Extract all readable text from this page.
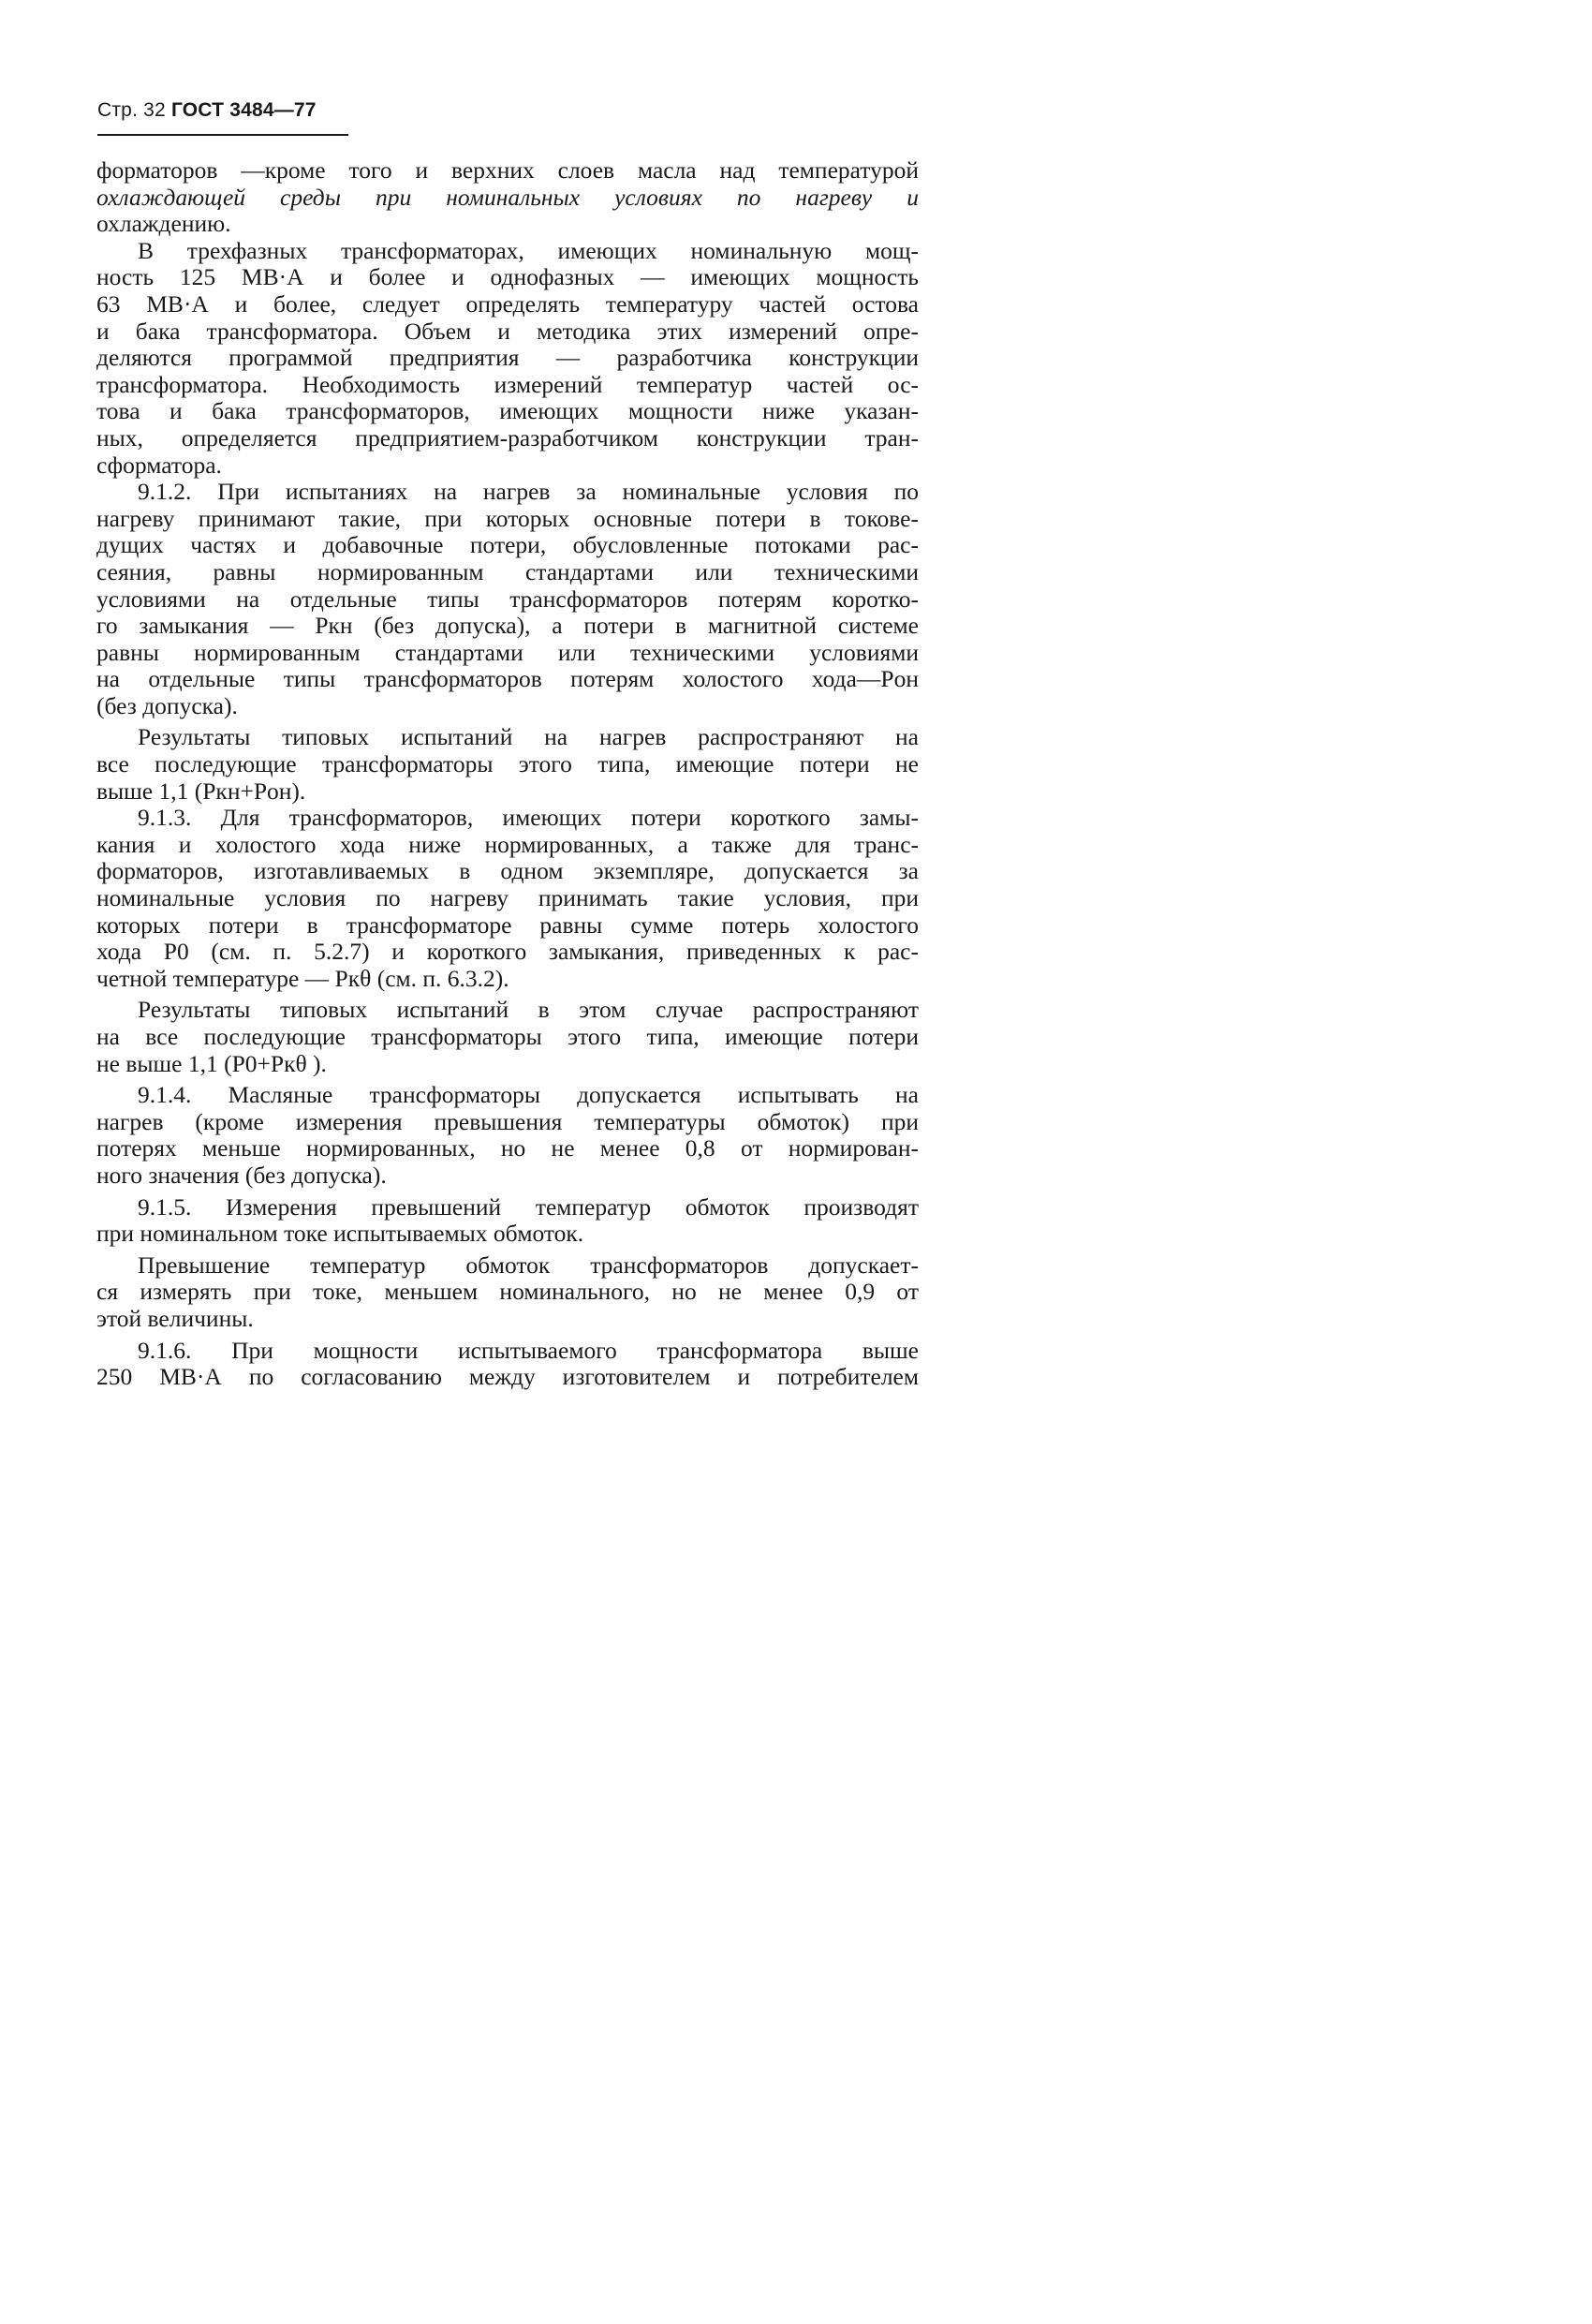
Стр. 32 ГОСТ 3484—77

форматоров —кроме того и верхних слоев масла над температурой
охлаждающей среды при номинальных условиях по нагреву и
охлаждению.

В трехфазных трансформаторах, имеющих номинальную мощ-
ность 125 МВ·А и более и однофазных — имеющих мощность
63 МВ·А и более, следует определять температуру частей остова
и бака трансформатора. Объем и методика этих измерений опре-
деляются программой предприятия — разработчика конструкции
трансформатора. Необходимость измерений температур частей ос-
това и бака трансформаторов, имеющих мощности ниже указан-
ных, определяется предприятием-разработчиком конструкции тран-
сформатора.

9.1.2. При испытаниях на нагрев за номинальные условия по
нагреву принимают такие, при которых основные потери в токове-
дущих частях и добавочные потери, обусловленные потоками рас-
сеяния, равны нормированным стандартами или техническими
условиями на отдельные типы трансформаторов потерям коротко-
го замыкания — Pкн (без допуска), а потери в магнитной системе
равны нормированным стандартами или техническими условиями
на отдельные типы трансформаторов потерям холостого хода—Pон
(без допуска).

Результаты типовых испытаний на нагрев распространяют на
все последующие трансформаторы этого типа, имеющие потери не
выше 1,1 (Pкн+Pон).

9.1.3. Для трансформаторов, имеющих потери короткого замы-
кания и холостого хода ниже нормированных, а также для транс-
форматоров, изготавливаемых в одном экземпляре, допускается за
номинальные условия по нагреву принимать такие условия, при
которых потери в трансформаторе равны сумме потерь холостого
хода P0 (см. п. 5.2.7) и короткого замыкания, приведенных к рас-
четной температуре — Pкθ (см. п. 6.3.2).

Результаты типовых испытаний в этом случае распространяют
на все последующие трансформаторы этого типа, имеющие потери
не выше 1,1 (P0+Pкθ ).

9.1.4. Масляные трансформаторы допускается испытывать на
нагрев (кроме измерения превышения температуры обмоток) при
потерях меньше нормированных, но не менее 0,8 от нормирован-
ного значения (без допуска).

9.1.5. Измерения превышений температур обмоток производят
при номинальном токе испытываемых обмоток.

Превышение температур обмоток трансформаторов допускает-
ся измерять при токе, меньшем номинального, но не менее 0,9 от
этой величины.

9.1.6. При мощности испытываемого трансформатора выше
250 МВ·А по согласованию между изготовителем и потребителем
